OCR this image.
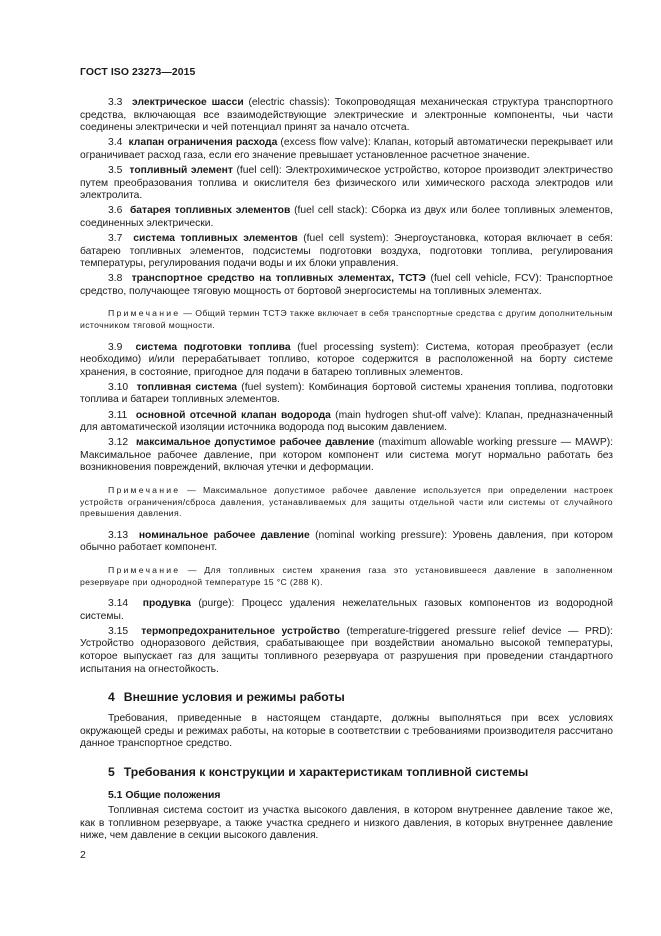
ГОСТ ISO 23273—2015

3.3 электрическое шасси (electric chassis): Токопроводящая механическая структура транспортного средства, включающая все взаимодействующие электрические и электронные компоненты, чьи части соединены электрически и чей потенциал принят за начало отсчета.

3.4 клапан ограничения расхода (excess flow valve): Клапан, который автоматически перекрывает или ограничивает расход газа, если его значение превышает установленное расчетное значение.

3.5 топливный элемент (fuel cell): Электрохимическое устройство, которое производит электричество путем преобразования топлива и окислителя без физического или химического расхода электродов или электролита.

3.6 батарея топливных элементов (fuel cell stack): Сборка из двух или более топливных элементов, соединенных электрически.

3.7 система топливных элементов (fuel cell system): Энергоустановка, которая включает в себя: батарею топливных элементов, подсистемы подготовки воздуха, подготовки топлива, регулирования температуры, регулирования подачи воды и их блоки управления.

3.8 транспортное средство на топливных элементах, ТСТЭ (fuel cell vehicle, FCV): Транспортное средство, получающее тяговую мощность от бортовой энергосистемы на топливных элементах.

Примечание — Общий термин ТСТЭ также включает в себя транспортные средства с другим дополнительным источником тяговой мощности.

3.9 система подготовки топлива (fuel processing system): Система, которая преобразует (если необходимо) и/или перерабатывает топливо, которое содержится в расположенной на борту системе хранения, в состояние, пригодное для подачи в батарею топливных элементов.

3.10 топливная система (fuel system): Комбинация бортовой системы хранения топлива, подготовки топлива и батареи топливных элементов.

3.11 основной отсечной клапан водорода (main hydrogen shut-off valve): Клапан, предназначенный для автоматической изоляции источника водорода под высоким давлением.

3.12 максимальное допустимое рабочее давление (maximum allowable working pressure — MAWP): Максимальное рабочее давление, при котором компонент или система могут нормально работать без возникновения повреждений, включая утечки и деформации.

Примечание — Максимальное допустимое рабочее давление используется при определении настроек устройств ограничения/сброса давления, устанавливаемых для защиты отдельной части или системы от случайного превышения давления.

3.13 номинальное рабочее давление (nominal working pressure): Уровень давления, при котором обычно работает компонент.

Примечание — Для топливных систем хранения газа это установившееся давление в заполненном резервуаре при однородной температуре 15 °С (288 К).

3.14 продувка (purge): Процесс удаления нежелательных газовых компонентов из водородной системы.

3.15 термопредохранительное устройство (temperature-triggered pressure relief device — PRD): Устройство одноразового действия, срабатывающее при воздействии аномально высокой температуры, которое выпускает газ для защиты топливного резервуара от разрушения при проведении стандартного испытания на огнестойкость.

4 Внешние условия и режимы работы

Требования, приведенные в настоящем стандарте, должны выполняться при всех условиях окружающей среды и режимах работы, на которые в соответствии с требованиями производителя рассчитано данное транспортное средство.

5 Требования к конструкции и характеристикам топливной системы
5.1 Общие положения

Топливная система состоит из участка высокого давления, в котором внутреннее давление такое же, как в топливном резервуаре, а также участка среднего и низкого давления, в которых внутреннее давление ниже, чем давление в секции высокого давления.

2
